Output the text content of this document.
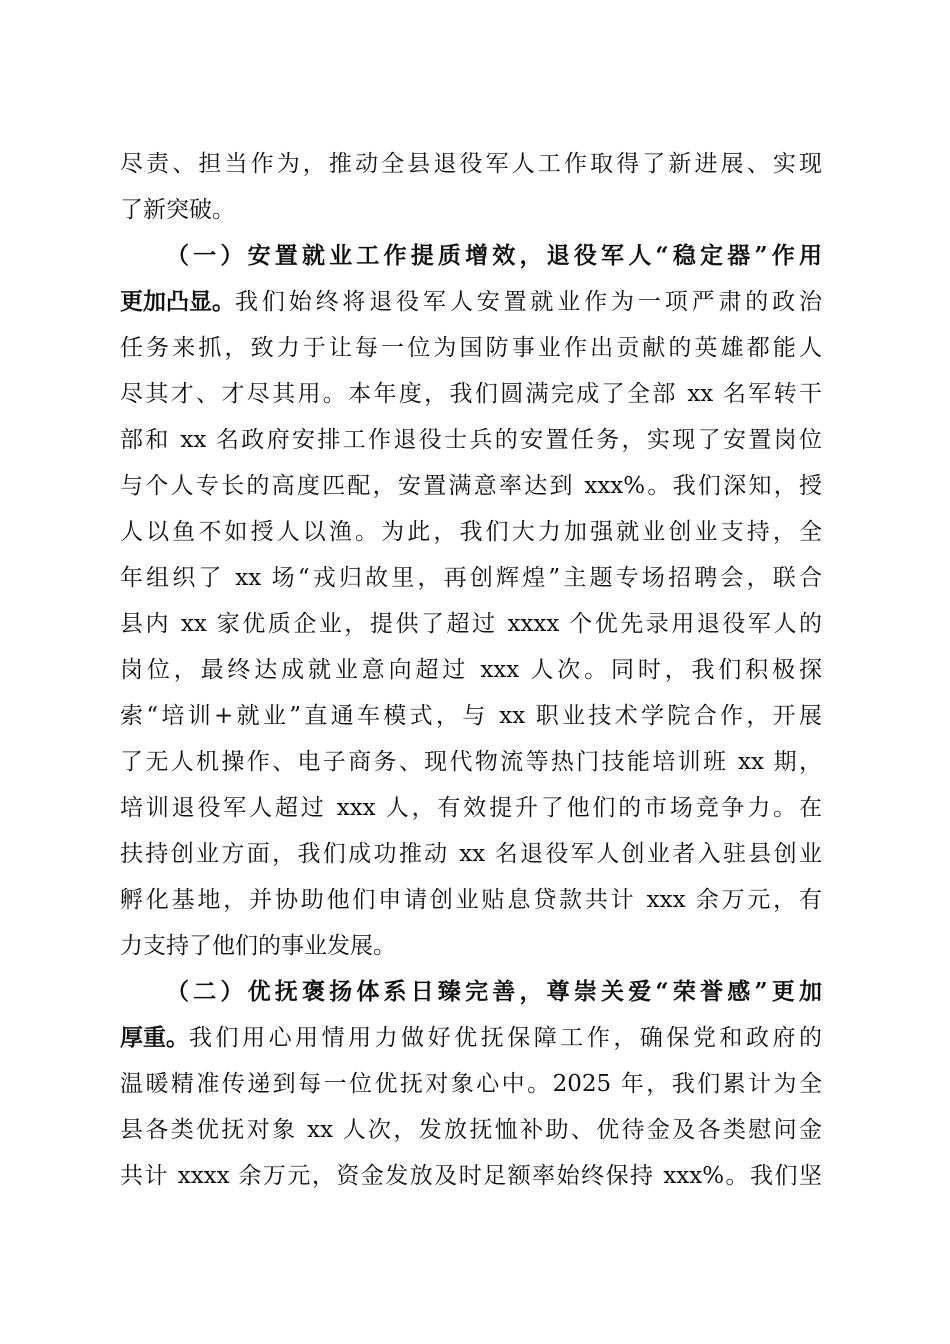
尽责、担当作为，推动全县退役军人工作取得了新进展、实现
了新突破。
（一）安置就业工作提质增效，退役军人“稳定器”作用
更加凸显。 我们始终将退役军人安置就业作为一项严肃的政治
任务来抓，致力于让每一位为国防事业作出贡献的英雄都能人
尽其才、才尽其用。本年度，我们圆满完成了全部 xx 名军转干
部和 xx 名政府安排工作退役士兵的安置任务，实现了安置岗位
与个人专长的高度匹配，安置满意率达到 xxx%。我们深知，授
人以鱼不如授人以渔。为此，我们大力加强就业创业支持，全
年组织了 xx 场“戎归故里，再创辉煌”主题专场招聘会，联合
县内 xx 家优质企业，提供了超过 xxxx 个优先录用退役军人的
岗位，最终达成就业意向超过 xxx 人次。同时，我们积极探
索“培训+就业”直通车模式，与 xx 职业技术学院合作，开展
了无人机操作、电子商务、现代物流等热门技能培训班 xx 期，
培训退役军人超过 xxx 人，有效提升了他们的市场竞争力。在
扶持创业方面，我们成功推动 xx 名退役军人创业者入驻县创业
孵化基地，并协助他们申请创业贴息贷款共计 xxx 余万元，有
力支持了他们的事业发展。
（二）优抚褒扬体系日臻完善，尊崇关爱“荣誉感”更加
厚重。 我们用心用情用力做好优抚保障工作，确保党和政府的
温暖精准传递到每一位优抚对象心中。2025 年，我们累计为全
县各类优抚对象 xx 人次，发放抚恤补助、优待金及各类慰问金
共计 xxxx 余万元，资金发放及时足额率始终保持 xxx%。我们坚
